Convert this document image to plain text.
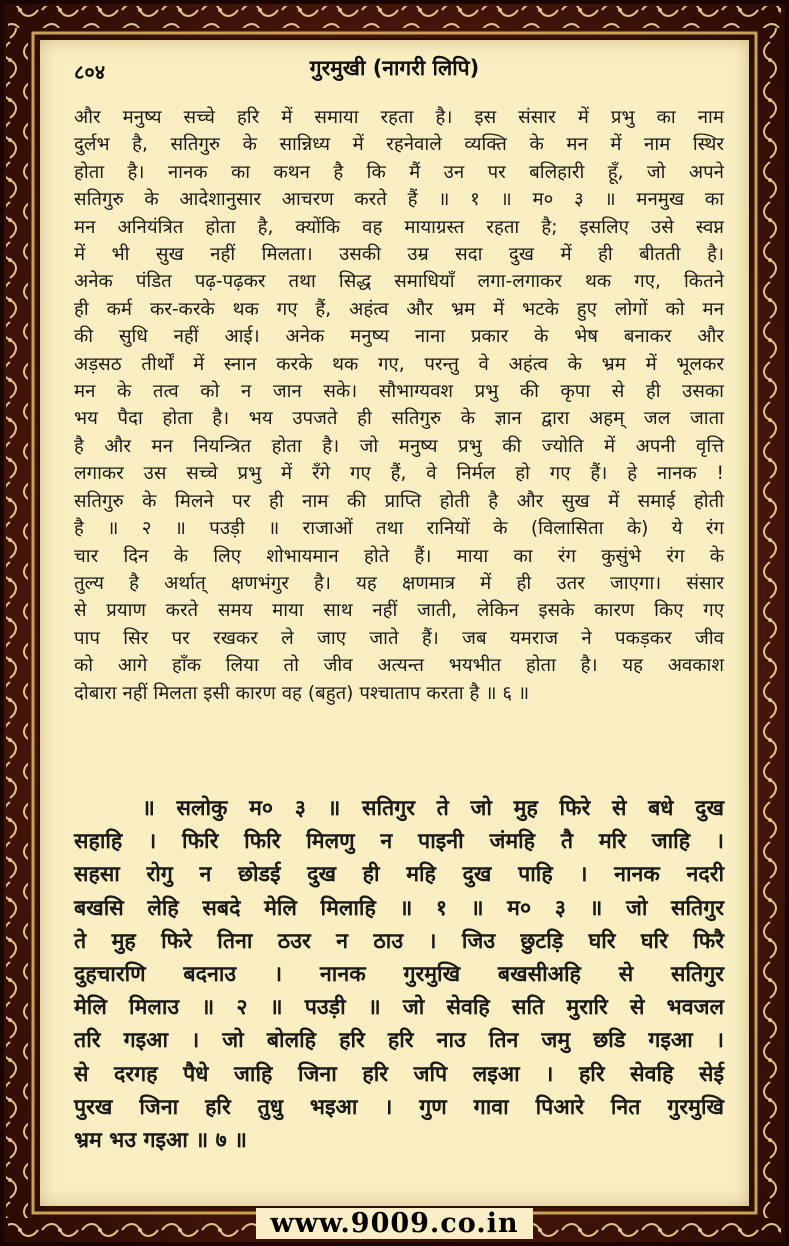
८०४	गुरमुखी (नागरी लिपि)
और मनुष्य सच्चे हरि में समाया रहता है। इस संसार में प्रभु का नाम
दुर्लभ है, सतिगुरु के सान्निध्य में रहनेवाले व्यक्ति के मन में नाम स्थिर
होता है। नानक का कथन है कि मैं उन पर बलिहारी हूँ, जो अपने
सतिगुरु के आदेशानुसार आचरण करते हैं ॥ १ ॥ म० ३ ॥ मनमुख का
मन अनियंत्रित होता है, क्योंकि वह मायाग्रस्त रहता है; इसलिए उसे स्वप्न
में भी सुख नहीं मिलता। उसकी उम्र सदा दुख में ही बीतती है।
अनेक पंडित पढ़-पढ़कर तथा सिद्ध समाधियाँ लगा-लगाकर थक गए, कितने
ही कर्म कर-करके थक गए हैं, अहंत्व और भ्रम में भटके हुए लोगों को मन
की सुधि नहीं आई। अनेक मनुष्य नाना प्रकार के भेष बनाकर और
अड़सठ तीर्थों में स्नान करके थक गए, परन्तु वे अहंत्व के भ्रम में भूलकर
मन के तत्व को न जान सके। सौभाग्यवश प्रभु की कृपा से ही उसका
भय पैदा होता है। भय उपजते ही सतिगुरु के ज्ञान द्वारा अहम् जल जाता
है और मन नियन्त्रित होता है। जो मनुष्य प्रभु की ज्योति में अपनी वृत्ति
लगाकर उस सच्चे प्रभु में रँगे गए हैं, वे निर्मल हो गए हैं। हे नानक !
सतिगुरु के मिलने पर ही नाम की प्राप्ति होती है और सुख में समाई होती
है ॥ २ ॥ पउड़ी ॥ राजाओं तथा रानियों के (विलासिता के) ये रंग
चार दिन के लिए शोभायमान होते हैं। माया का रंग कुसुंभे रंग के
तुल्य है अर्थात् क्षणभंगुर है। यह क्षणमात्र में ही उतर जाएगा। संसार
से प्रयाण करते समय माया साथ नहीं जाती, लेकिन इसके कारण किए गए
पाप सिर पर रखकर ले जाए जाते हैं। जब यमराज ने पकड़कर जीव
को आगे हाँक लिया तो जीव अत्यन्त भयभीत होता है। यह अवकाश
दोबारा नहीं मिलता इसी कारण वह (बहुत) पश्चाताप करता है ॥ ६ ॥
॥ सलोकु म० ३ ॥ सतिगुर ते जो मुह फिरे से बधे दुख
सहाहि । फिरि फिरि मिलणु न पाइनी जंमहि तै मरि जाहि ।
सहसा रोगु न छोडई दुख ही महि दुख पाहि । नानक नदरी
बखसि लेहि सबदे मेलि मिलाहि ॥ १ ॥ म० ३ ॥ जो सतिगुर
ते मुह फिरे तिना ठउर न ठाउ । जिउ छुटड़ि घरि घरि फिरै
दुहचारणि बदनाउ । नानक गुरमुखि बखसीअहि से सतिगुर
मेलि मिलाउ ॥ २ ॥ पउड़ी ॥ जो सेवहि सति मुरारि से भवजल
तरि गइआ । जो बोलहि हरि हरि नाउ तिन जमु छडि गइआ ।
से दरगह पैधे जाहि जिना हरि जपि लइआ । हरि सेवहि सेई
पुरख जिना हरि तुधु भइआ । गुण गावा पिआरे नित गुरमुखि
भ्रम भउ गइआ ॥ ७ ॥
www.9009.co.in
